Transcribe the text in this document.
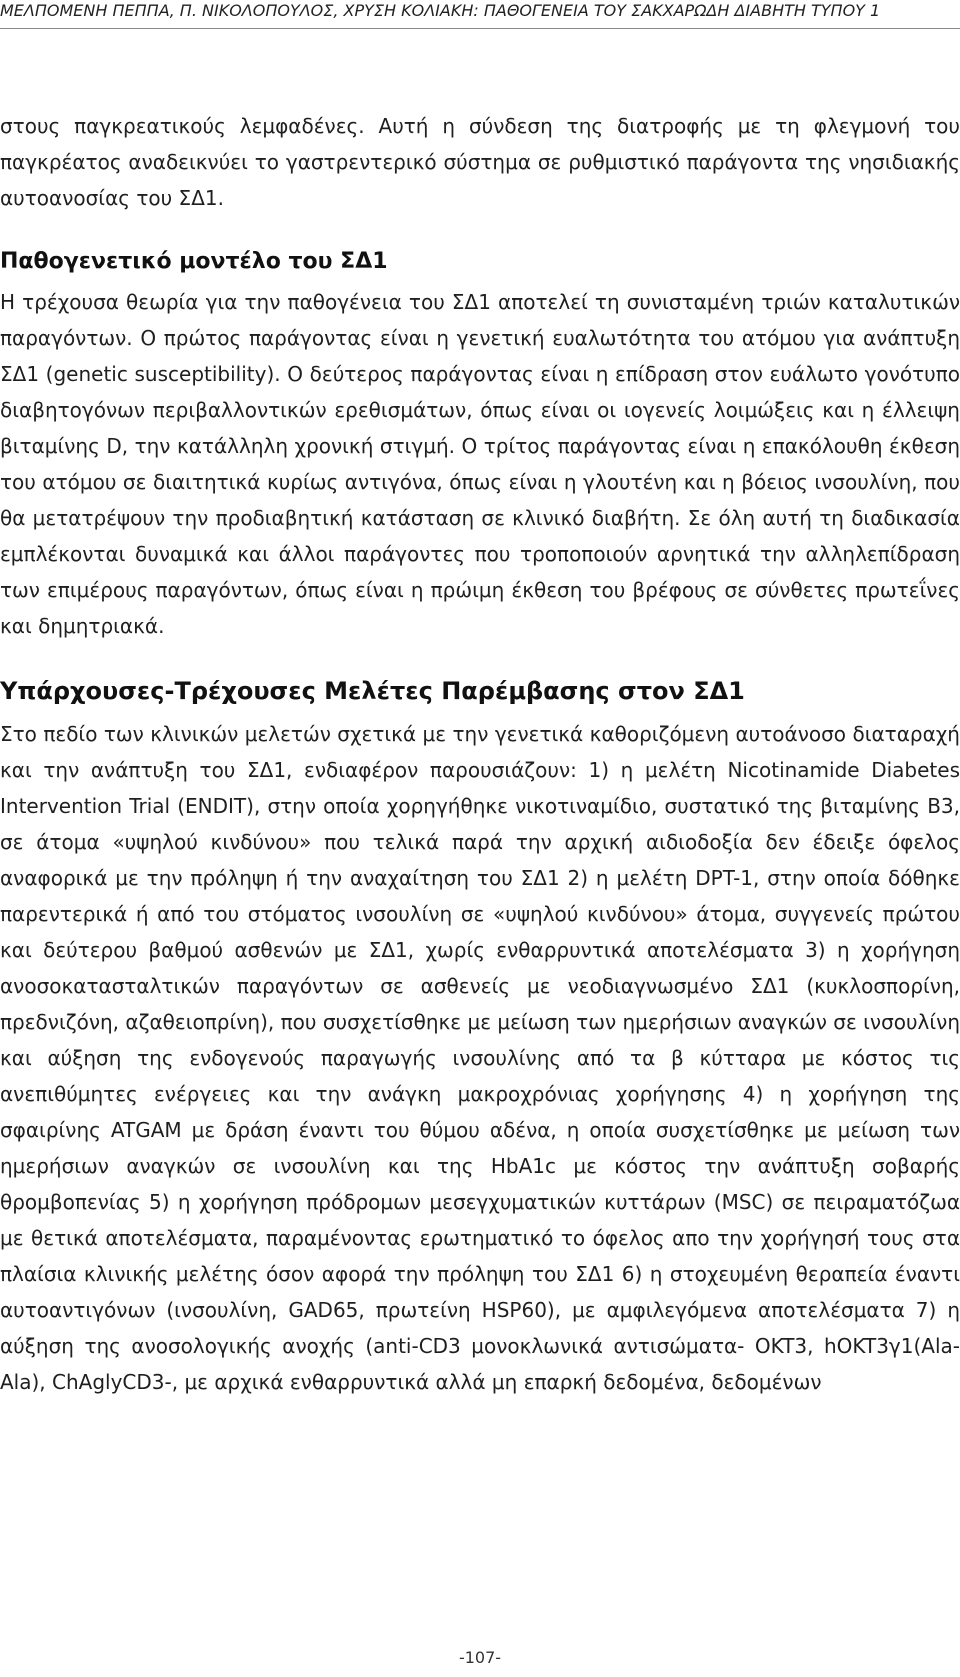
ΜΕΛΠΟΜΕΝΗ ΠΕΠΠΑ, Π. ΝΙΚΟΛΟΠΟΥΛΟΣ, ΧΡΥΣΗ ΚΟΛΙΑΚΗ: ΠΑΘΟΓΕΝΕΙΑ ΤΟΥ ΣΑΚΧΑΡΩΔΗ ΔΙΑΒΗΤΗ ΤΥΠΟΥ 1

στους παγκρεατικούς λεμφαδένες. Αυτή η σύνδεση της διατροφής με τη φλεγμονή του παγκρέατος αναδεικνύει το γαστρεντερικό σύστημα σε ρυθμιστικό παράγοντα της νησιδιακής αυτοανοσίας του ΣΔ1.

Παθογενετικό μοντέλο του ΣΔ1

Η τρέχουσα θεωρία για την παθογένεια του ΣΔ1 αποτελεί τη συνισταμένη τριών καταλυτικών παραγόντων. Ο πρώτος παράγοντας είναι η γενετική ευαλωτότητα του ατόμου για ανάπτυξη ΣΔ1 (genetic susceptibility). Ο δεύτερος παράγοντας είναι η επίδραση στον ευάλωτο γονότυπο διαβητογόνων περιβαλλοντικών ερεθισμάτων, όπως είναι οι ιογενείς λοιμώξεις και η έλλειψη βιταμίνης D, την κατάλληλη χρονική στιγμή. Ο τρίτος παράγοντας είναι η επακόλουθη έκθεση του ατόμου σε διαιτητικά κυρίως αντιγόνα, όπως είναι η γλουτένη και η βόειος ινσουλίνη, που θα μετατρέψουν την προδιαβητική κατάσταση σε κλινικό διαβήτη. Σε όλη αυτή τη διαδικασία εμπλέκονται δυναμικά και άλλοι παράγοντες που τροποποιούν αρνητικά την αλληλεπίδραση των επιμέρους παραγόντων, όπως είναι η πρώιμη έκθεση του βρέφους σε σύνθετες πρωτεΐνες και δημητριακά.

Υπάρχουσες-Τρέχουσες Μελέτες Παρέμβασης στον ΣΔ1

Στο πεδίο των κλινικών μελετών σχετικά με την γενετικά καθοριζόμενη αυτοάνοσο διαταραχή και την ανάπτυξη του ΣΔ1, ενδιαφέρον παρουσιάζουν: 1) η μελέτη Nicotinamide Diabetes Intervention Trial (ENDIT), στην οποία χορηγήθηκε νικοτιναμίδιο, συστατικό της βιταμίνης Β3, σε άτομα «υψηλού κινδύνου» που τελικά παρά την αρχική αιδιοδοξία δεν έδειξε όφελος αναφορικά με την πρόληψη ή την αναχαίτηση του ΣΔ1 2) η μελέτη DPT-1, στην οποία δόθηκε παρεντερικά ή από του στόματος ινσουλίνη σε «υψηλού κινδύνου» άτομα, συγγενείς πρώτου και δεύτερου βαθμού ασθενών με ΣΔ1, χωρίς ενθαρρυντικά αποτελέσματα 3) η χορήγηση ανοσοκατασταλτικών παραγόντων σε ασθενείς με νεοδιαγνωσμένο ΣΔ1 (κυκλοσπορίνη, πρεδνιζόνη, αζαθειοπρίνη), που συσχετίσθηκε με μείωση των ημερήσιων αναγκών σε ινσουλίνη και αύξηση της ενδογενούς παραγωγής ινσουλίνης από τα β κύτταρα με κόστος τις ανεπιθύμητες ενέργειες και την ανάγκη μακροχρόνιας χορήγησης 4) η χορήγηση της σφαιρίνης ATGAM με δράση έναντι του θύμου αδένα, η οποία συσχετίσθηκε με μείωση των ημερήσιων αναγκών σε ινσουλίνη και της HbA1c με κόστος την ανάπτυξη σοβαρής θρομβοπενίας 5) η χορήγηση πρόδρομων μεσεγχυματικών κυττάρων (MSC) σε πειραματόζωα με θετικά αποτελέσματα, παραμένοντας ερωτηματικό το όφελος απο την χορήγησή τους στα πλαίσια κλινικής μελέτης όσον αφορά την πρόληψη του ΣΔ1 6) η στοχευμένη θεραπεία έναντι αυτοαντιγόνων (ινσουλίνη, GAD65, πρωτείνη HSP60), με αμφιλεγόμενα αποτελέσματα 7) η αύξηση της ανοσολογικής ανοχής (anti-CD3 μονοκλωνικά αντισώματα- OKT3, hOKT3γ1(Ala-Ala), ChAglyCD3-, με αρχικά ενθαρρυντικά αλλά μη επαρκή δεδομένα, δεδομένων

-107-
